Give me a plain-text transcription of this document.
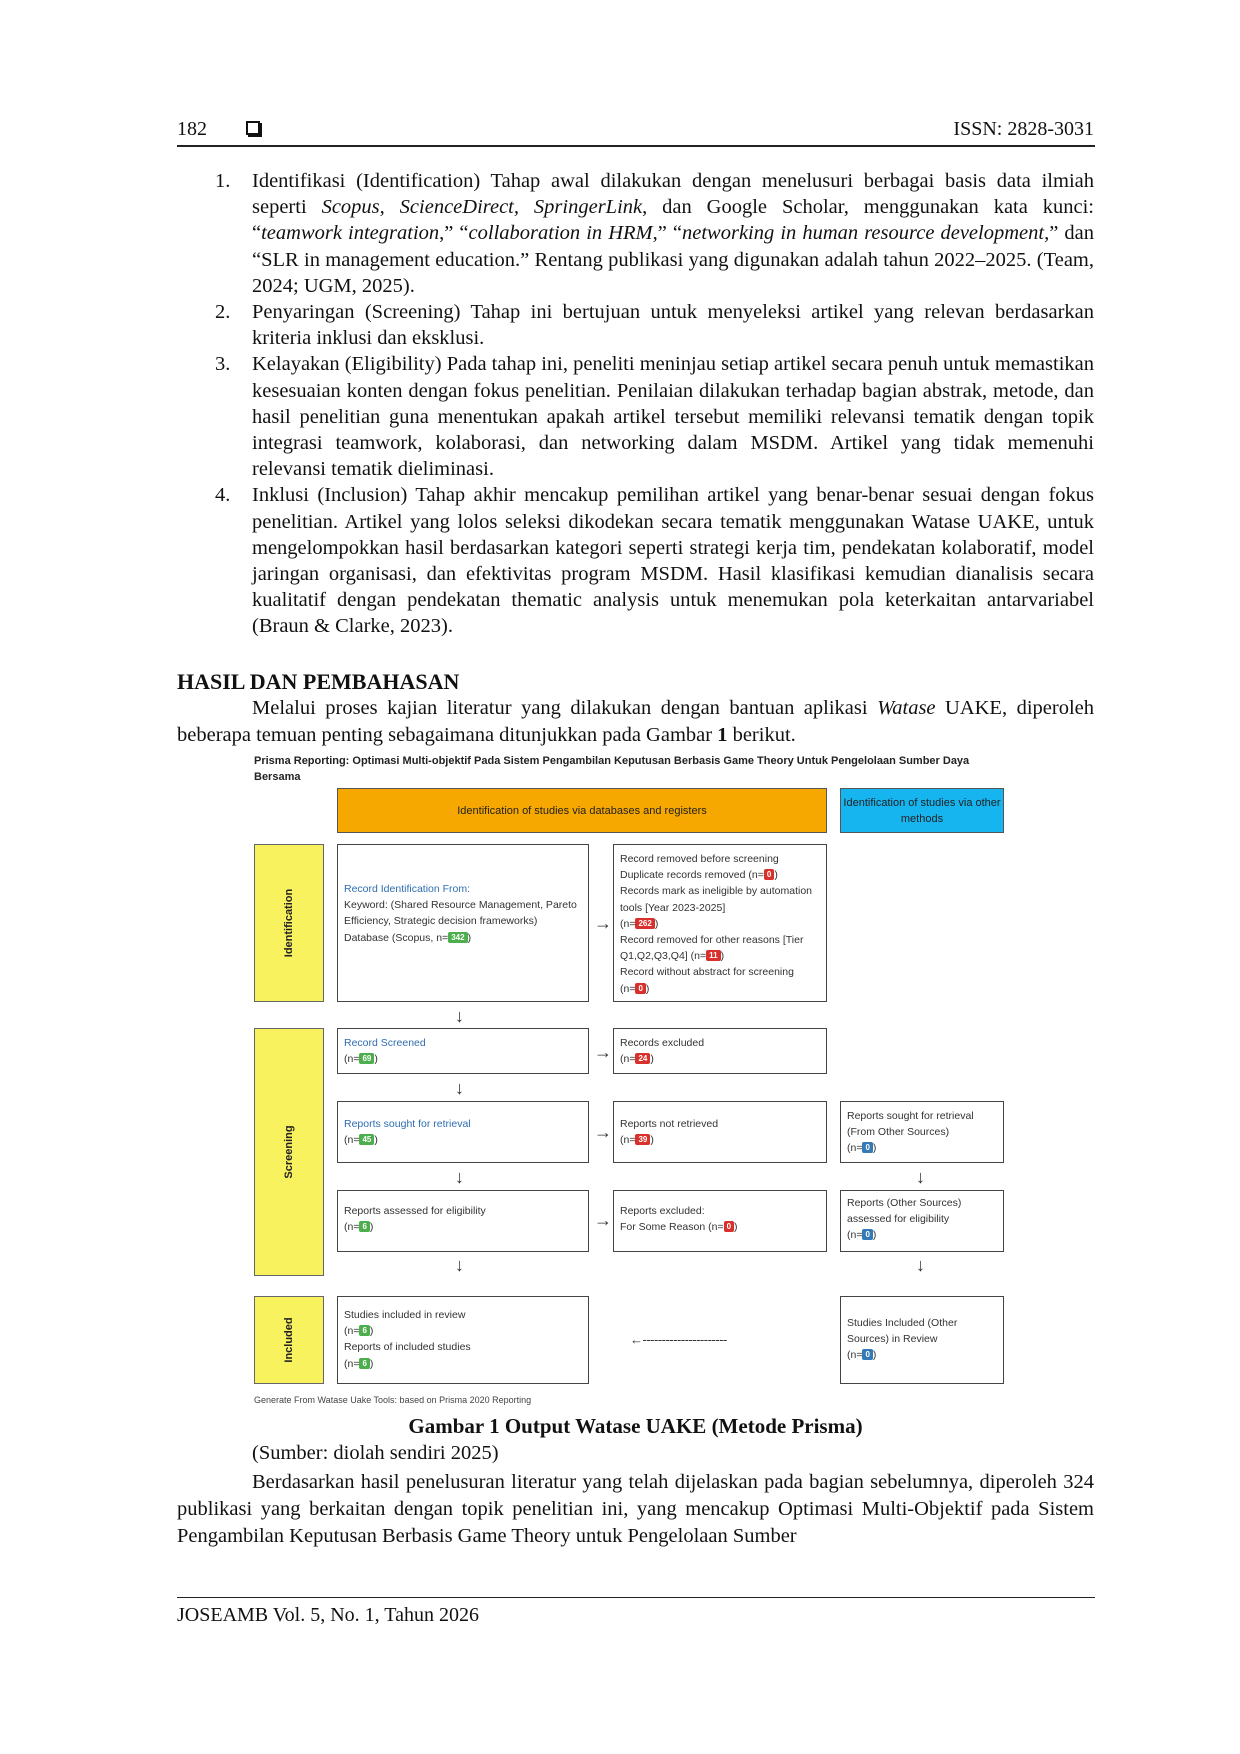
182	ISSN: 2828-3031
1. Identifikasi (Identification) Tahap awal dilakukan dengan menelusuri berbagai basis data ilmiah seperti Scopus, ScienceDirect, SpringerLink, dan Google Scholar, menggunakan kata kunci: “teamwork integration,” “collaboration in HRM,” “networking in human resource development,” dan “SLR in management education.” Rentang publikasi yang digunakan adalah tahun 2022–2025. (Team, 2024; UGM, 2025).
2. Penyaringan (Screening) Tahap ini bertujuan untuk menyeleksi artikel yang relevan berdasarkan kriteria inklusi dan eksklusi.
3. Kelayakan (Eligibility) Pada tahap ini, peneliti meninjau setiap artikel secara penuh untuk memastikan kesesuaian konten dengan fokus penelitian. Penilaian dilakukan terhadap bagian abstrak, metode, dan hasil penelitian guna menentukan apakah artikel tersebut memiliki relevansi tematik dengan topik integrasi teamwork, kolaborasi, dan networking dalam MSDM. Artikel yang tidak memenuhi relevansi tematik dieliminasi.
4. Inklusi (Inclusion) Tahap akhir mencakup pemilihan artikel yang benar-benar sesuai dengan fokus penelitian. Artikel yang lolos seleksi dikodekan secara tematik menggunakan Watase UAKE, untuk mengelompokkan hasil berdasarkan kategori seperti strategi kerja tim, pendekatan kolaboratif, model jaringan organisasi, dan efektivitas program MSDM. Hasil klasifikasi kemudian dianalisis secara kualitatif dengan pendekatan thematic analysis untuk menemukan pola keterkaitan antarvariabel (Braun & Clarke, 2023).
HASIL DAN PEMBAHASAN

Melalui proses kajian literatur yang dilakukan dengan bantuan aplikasi Watase UAKE, diperoleh beberapa temuan penting sebagaimana ditunjukkan pada Gambar 1 berikut.

Prisma Reporting: Optimasi Multi-objektif Pada Sistem Pengambilan Keputusan Berbasis Game Theory Untuk Pengelolaan Sumber Daya Bersama
Identification of studies via databases and registers
Identification of studies via other methods
Identification
Screening
Included
Record Identification From:
Keyword: (Shared Resource Management, Pareto Efficiency, Strategic decision frameworks)
Database (Scopus, n= 342 )
→
Record removed before screening
Duplicate records removed (n= 0 )
Records mark as ineligible by automation tools [Year 2023-2025]
(n= 262 )
Record removed for other reasons [Tier Q1,Q2,Q3,Q4] (n= 11 )
Record without abstract for screening
(n= 0 )
↓
Record Screened
(n= 69 )	→ Records excluded
(n= 24 )
↓
Reports sought for retrieval
(n= 45 )	→ Reports not retrieved
(n= 39 )
Reports sought for retrieval (From Other Sources)
(n= 0 )
↓	↓
Reports assessed for eligibility
(n= 6 )	→ Reports excluded:
For Some Reason (n= 0 )
Reports (Other Sources) assessed for eligibility
(n= 0 )
↓	↓
Studies included in review
(n= 6 )
Reports of included studies
(n= 6 )
←----------------------
Studies Included (Other Sources) in Review
(n= 0 )
Generate From Watase Uake Tools: based on Prisma 2020 Reporting
Gambar 1 Output Watase UAKE (Metode Prisma)
(Sumber: diolah sendiri 2025)

Berdasarkan hasil penelusuran literatur yang telah dijelaskan pada bagian sebelumnya, diperoleh 324 publikasi yang berkaitan dengan topik penelitian ini, yang mencakup Optimasi Multi-Objektif pada Sistem Pengambilan Keputusan Berbasis Game Theory untuk Pengelolaan Sumber

JOSEAMB Vol. 5, No. 1, Tahun 2026
